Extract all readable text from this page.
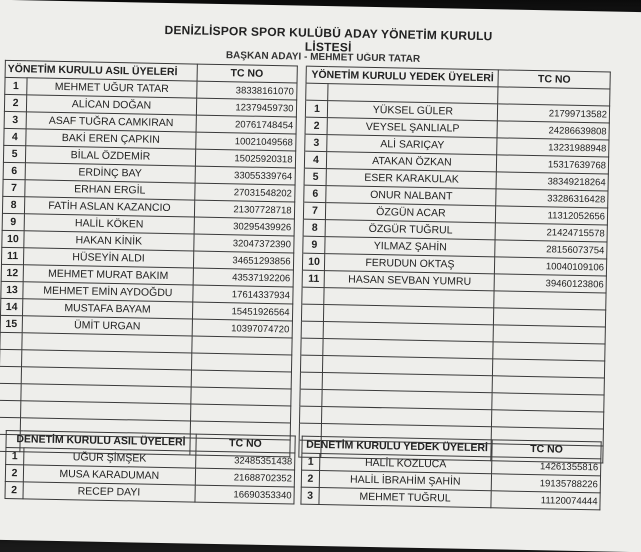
DENİZLİSPOR SPOR KULÜBÜ ADAY YÖNETİM KURULU LİSTESİ
BAŞKAN ADAYI - MEHMET UĞUR TATAR
YÖNETİM KURULU ASIL ÜYELERİ		TC NO		YÖNETİM KURULU YEDEK ÜYELERİ		TC NO
1	MEHMET UĞUR TATAR	38338161070				
2	ALİCAN DOĞAN	12379459730		1	YÜKSEL GÜLER	21799713582
3	ASAF TUĞRA CAMKIRAN	20761748454		2	VEYSEL ŞANLIALP	24286639808
4	BAKİ EREN ÇAPKIN	10021049568		3	ALİ SARIÇAY	13231988948
5	BİLAL ÖZDEMİR	15025920318		4	ATAKAN ÖZKAN	15317639768
6	ERDİNÇ BAY	33055339764		5	ESER KARAKULAK	38349218264
7	ERHAN ERGİL	27031548202		6	ONUR NALBANT	33286316428
8	FATİH ASLAN KAZANCIO	21307728718		7	ÖZGÜN ACAR	11312052656
9	HALİL KÖKEN	30295439926		8	ÖZGÜR TUĞRUL	21424715578
10	HAKAN KİNİK	32047372390		9	YILMAZ ŞAHİN	28156073754
11	HÜSEYİN ALDI	34651293856		10	FERUDUN OKTAŞ	10040109106
12	MEHMET MURAT BAKIM	43537192206		11	HASAN SEVBAN YUMRU	39460123806
13	MEHMET EMİN AYDOĞDU	17614337934				
14	MUSTAFA BAYAM	15451926564				
15	ÜMİT URGAN	10397074720				

DENETİM KURULU ASIL ÜYELERİ		TC NO
1	UĞUR ŞİMŞEK	32485351438
2	MUSA KARADUMAN	21688702352
2	RECEP DAYI	16690353340
DENETİM KURULU YEDEK ÜYELERİ		TC NO
1	HALİL KOZLUCA	14261355816
2	HALİL İBRAHİM ŞAHİN	19135788226
3	MEHMET TUĞRUL	11120074444
